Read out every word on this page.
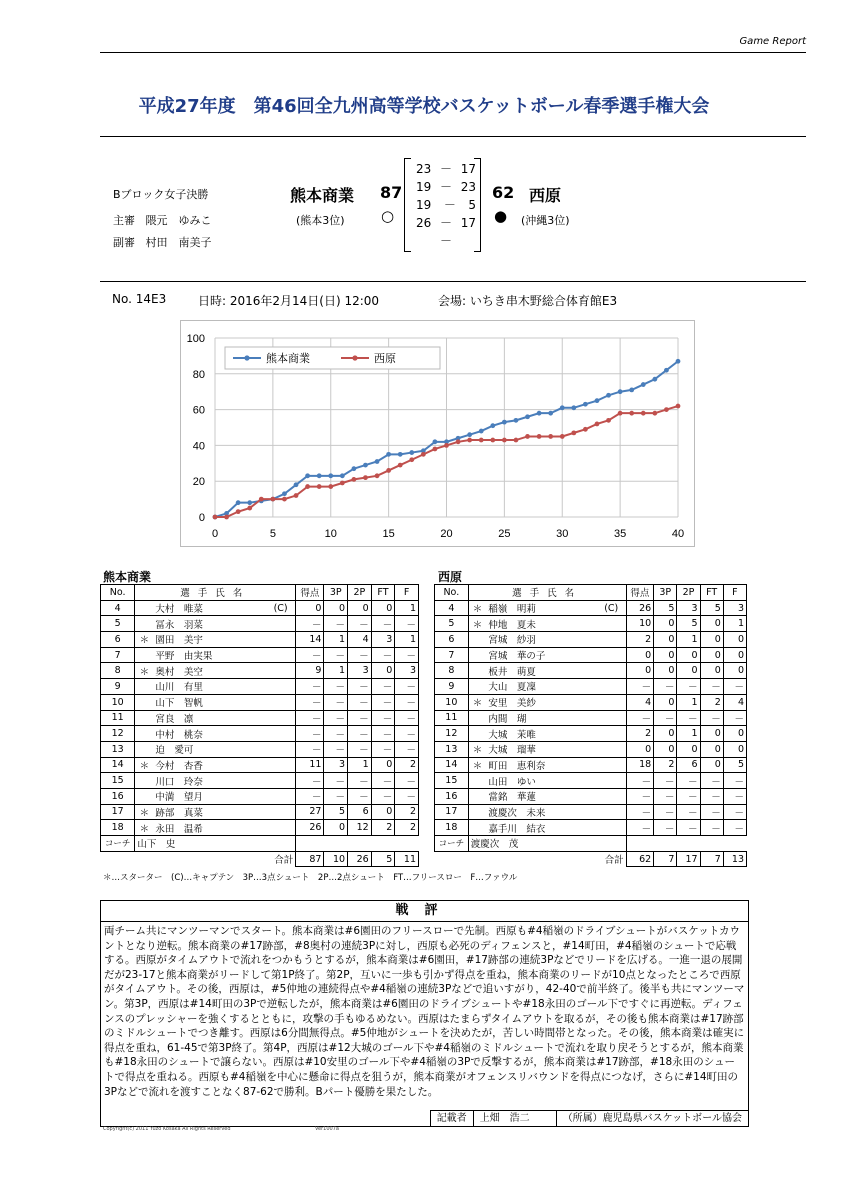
Game Report
平成27年度　第46回全九州高等学校バスケットボール春季選手権大会
Bブロック女子決勝
主審 隈元　ゆみこ
副審 村田　南美子
熊本商業 87
(熊本3位) ○
23 － 17
19 － 23
19 － 5
26 － 17
－
62 西原
● (沖縄3位)
No. 14E3	日時: 2016年2月14日(日) 12:00	会場: いちき串木野総合体育館E3
0
20
40
60
80
100
0	5	10	15	20	25	30	35	40
熊本商業	西原
熊本商業
No.	選手氏名			得点	3P	2P	FT	F
4		大村　唯菜	(C)	0	0	0	0	1
5		冨永　羽菜		－	－	－	－	－
6	＊	園田　美宇		14	1	4	3	1
7		平野　由実果		－	－	－	－	－
8	＊	奥村　美空		9	1	3	0	3
9		山川　有里		－	－	－	－	－
10		山下　智帆		－	－	－	－	－
11		宮良　凛		－	－	－	－	－
12		中村　桃奈		－	－	－	－	－
13		迫　愛可		－	－	－	－	－
14	＊	今村　杏香		11	3	1	0	2
15		川口　玲奈		－	－	－	－	－
16		中満　望月		－	－	－	－	－
17	＊	跡部　真菜		27	5	6	0	2
18	＊	永田　温希		26	0	12	2	2
コーチ	山下　史							
	合計			87	10	26	5	11
西原
No.	選手氏名			得点	3P	2P	FT	F
4	＊	稲嶺　明莉	(C)	26	5	3	5	3
5	＊	仲地　夏未		10	0	5	0	1
6		宮城　紗羽		2	0	1	0	0
7		宮城　華の子		0	0	0	0	0
8		板井　萌夏		0	0	0	0	0
9		大山　夏凜		－	－	－	－	－
10	＊	安里　美紗		4	0	1	2	4
11		内間　瑚		－	－	－	－	－
12		大城　茉唯		2	0	1	0	0
13	＊	大城　瑠華		0	0	0	0	0
14	＊	町田　恵利奈		18	2	6	0	5
15		山田　ゆい		－	－	－	－	－
16		當銘　華蓮		－	－	－	－	－
17		渡慶次　未来		－	－	－	－	－
18		嘉手川　結衣		－	－	－	－	－
コーチ	渡慶次　茂							
	合計			62	7	17	7	13
＊…スターター　(C)…キャプテン　3P…3点シュート　2P…2点シュート　FT…フリースロー　F…ファウル
戦評
両チーム共にマンツーマンでスタート。熊本商業は#6園田のフリースローで先制。西原も#4稲嶺のドライブシュートがバスケットカウントとなり逆転。熊本商業の#17跡部，#8奥村の連続3Pに対し，西原も必死のディフェンスと，#14町田，#4稲嶺のシュートで応戦する。西原がタイムアウトで流れをつかもうとするが，熊本商業は#6園田，#17跡部の連続3Pなどでリードを広げる。一進一退の展開だが23-17と熊本商業がリードして第1P終了。第2P，互いに一歩も引かず得点を重ね，熊本商業のリードが10点となったところで西原がタイムアウト。その後，西原は，#5仲地の連続得点や#4稲嶺の連続3Pなどで追いすがり，42-40で前半終了。後半も共にマンツーマン。第3P，西原は#14町田の3Pで逆転したが，熊本商業は#6園田のドライブシュートや#18永田のゴール下ですぐに再逆転。ディフェンスのプレッシャーを強くするとともに，攻撃の手もゆるめない。西原はたまらずタイムアウトを取るが，その後も熊本商業は#17跡部のミドルシュートでつき離す。西原は6分間無得点。#5仲地がシュートを決めたが，苦しい時間帯となった。その後，熊本商業は確実に得点を重ね，61-45で第3P終了。第4P，西原は#12大城のゴール下や#4稲嶺のミドルシュートで流れを取り戻そうとするが，熊本商業も#18永田のシュートで譲らない。西原は#10安里のゴール下や#4稲嶺の3Pで反撃するが，熊本商業は#17跡部，#18永田のシュートで得点を重ねる。西原も#4稲嶺を中心に懸命に得点を狙うが，熊本商業がオフェンスリバウンドを得点につなげ，さらに#14町田の3Pなどで流れを渡すことなく87-62で勝利。Bパート優勝を果たした。
記載者	上畑　浩二	（所属）鹿児島県バスケットボール協会
Copyright(c) 2011 Yuzo Kosaka All Rights Reserved	Ver1007a
